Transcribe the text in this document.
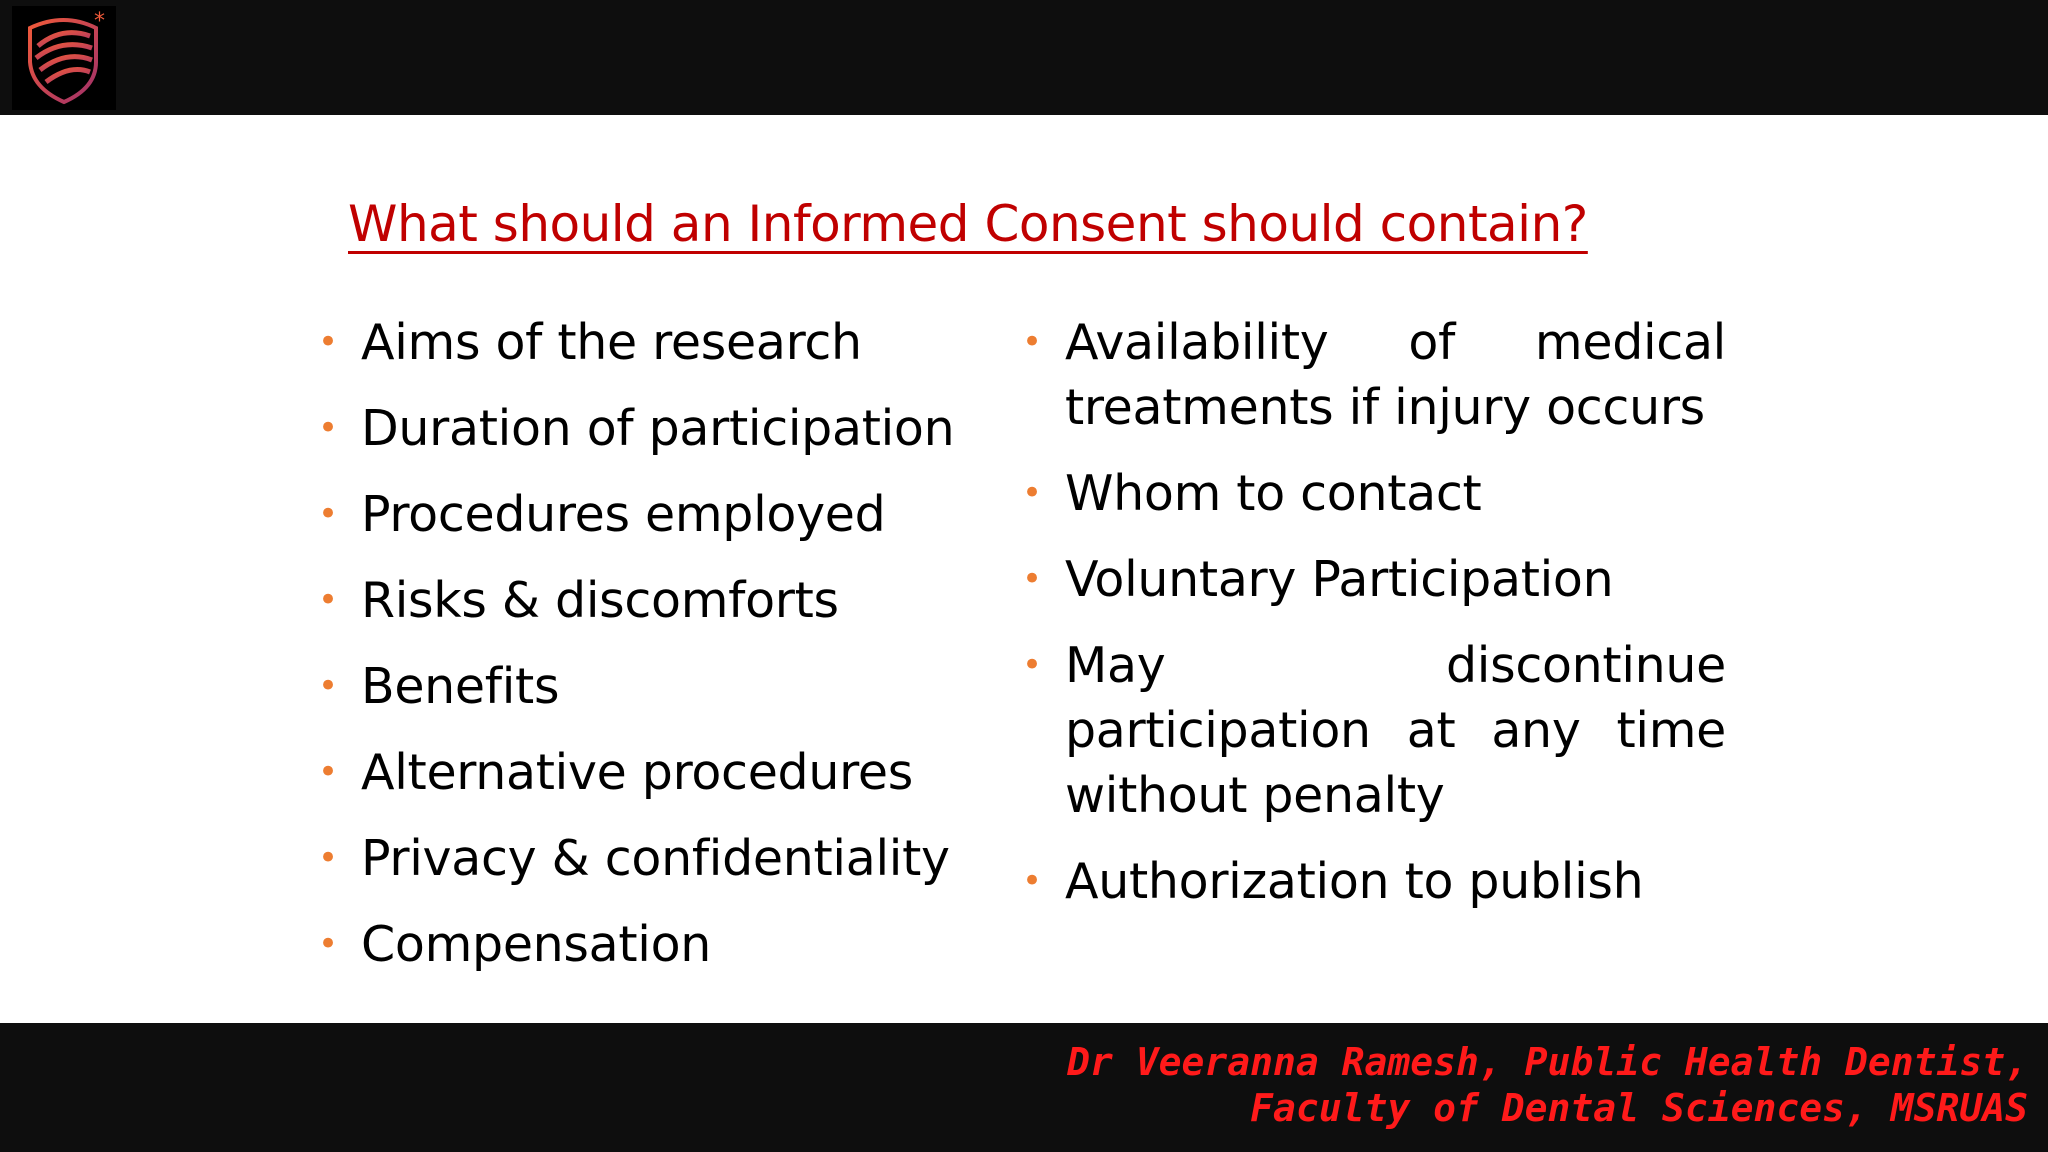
*
What should an Informed Consent should contain?
• Aims of the research
• Duration of participation
• Procedures employed
• Risks & discomforts
• Benefits
• Alternative procedures
• Privacy & confidentiality
• Compensation
• Availability of medical treatments if injury occurs
• Whom to contact
• Voluntary Participation
• May discontinue participation at any time without penalty
• Authorization to publish
Dr Veeranna Ramesh, Public Health Dentist,
Faculty of Dental Sciences, MSRUAS
